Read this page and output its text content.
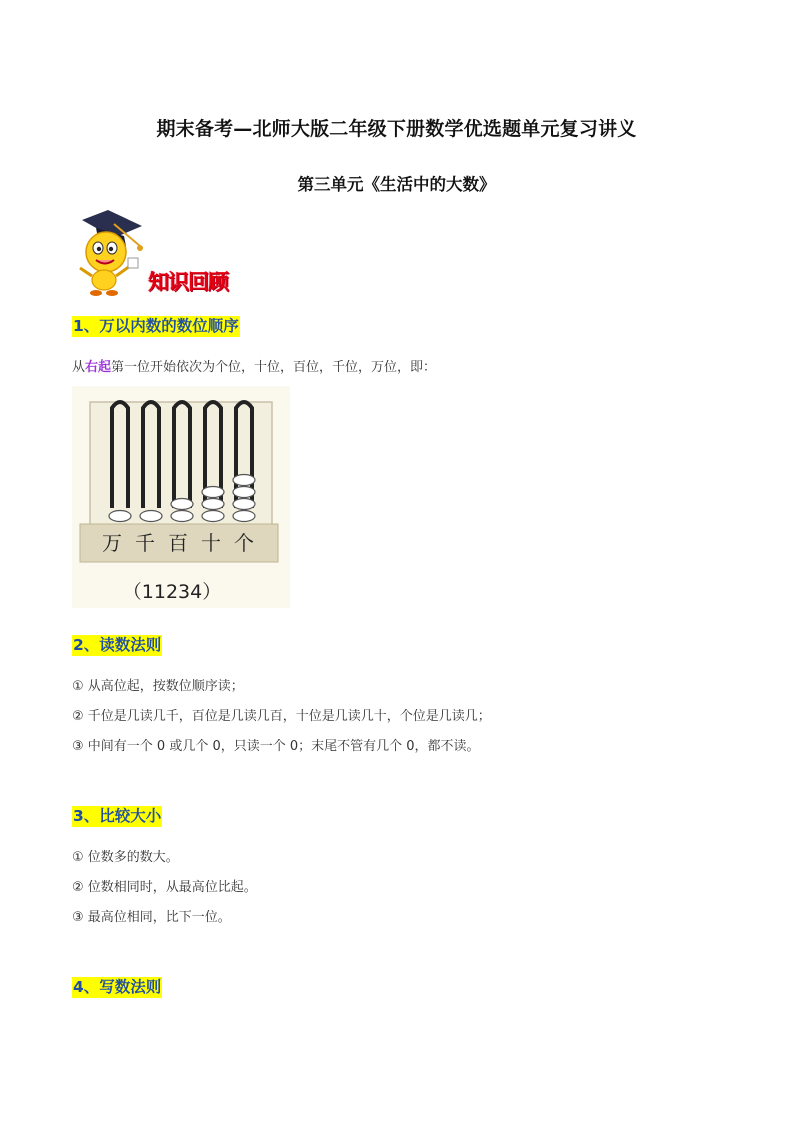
期末备考—北师大版二年级下册数学优选题单元复习讲义
第三单元《生活中的大数》
知识回顾
1、万以内数的数位顺序
从右起第一位开始依次为个位，十位，百位，千位，万位，即：
万 千 百 十 个
（11234）
2、读数法则
① 从高位起，按数位顺序读；
② 千位是几读几千，百位是几读几百，十位是几读几十，个位是几读几；
③ 中间有一个 0 或几个 0，只读一个 0；末尾不管有几个 0，都不读。
3、比较大小
① 位数多的数大。
② 位数相同时，从最高位比起。
③ 最高位相同，比下一位。
4、写数法则
